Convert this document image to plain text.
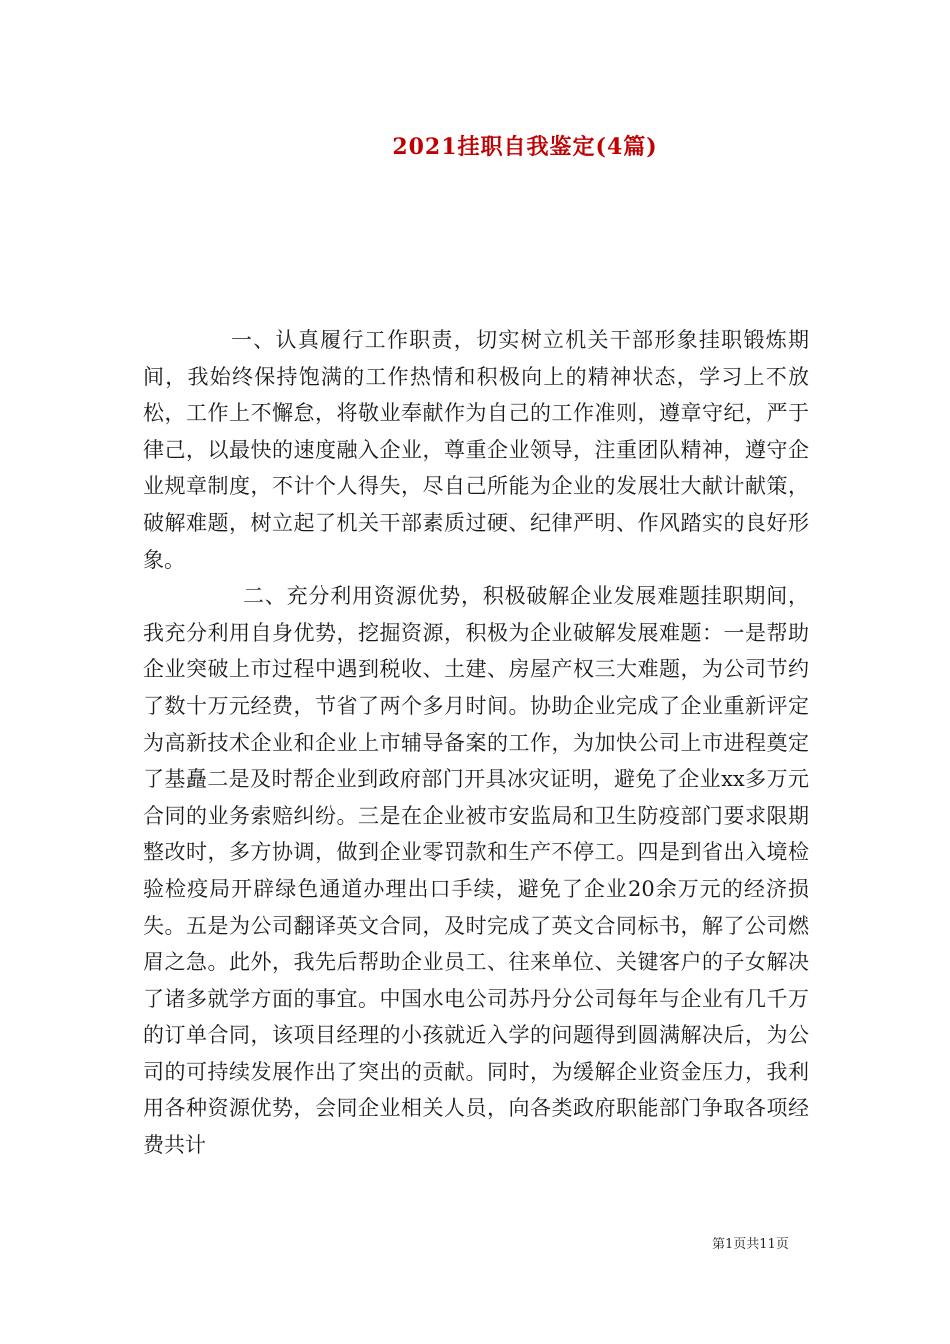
2021挂职自我鉴定(4篇)

一、认真履行工作职责，切实树立机关干部形象挂职锻炼期间，我始终保持饱满的工作热情和积极向上的精神状态，学习上不放松，工作上不懈怠，将敬业奉献作为自己的工作准则，遵章守纪，严于律己，以最快的速度融入企业，尊重企业领导，注重团队精神，遵守企业规章制度，不计个人得失，尽自己所能为企业的发展壮大献计献策，破解难题，树立起了机关干部素质过硬、纪律严明、作风踏实的良好形象。

二、充分利用资源优势，积极破解企业发展难题挂职期间，我充分利用自身优势，挖掘资源，积极为企业破解发展难题：一是帮助企业突破上市过程中遇到税收、土建、房屋产权三大难题，为公司节约了数十万元经费，节省了两个多月时间。协助企业完成了企业重新评定为高新技术企业和企业上市辅导备案的工作，为加快公司上市进程奠定了基矗二是及时帮企业到政府部门开具冰灾证明，避免了企业xx多万元合同的业务索赔纠纷。三是在企业被市安监局和卫生防疫部门要求限期整改时，多方协调，做到企业零罚款和生产不停工。四是到省出入境检验检疫局开辟绿色通道办理出口手续，避免了企业20余万元的经济损失。五是为公司翻译英文合同，及时完成了英文合同标书，解了公司燃眉之急。此外，我先后帮助企业员工、往来单位、关键客户的子女解决了诸多就学方面的事宜。中国水电公司苏丹分公司每年与企业有几千万的订单合同，该项目经理的小孩就近入学的问题得到圆满解决后，为公司的可持续发展作出了突出的贡献。同时，为缓解企业资金压力，我利用各种资源优势，会同企业相关人员，向各类政府职能部门争取各项经费共计

第1页共11页
